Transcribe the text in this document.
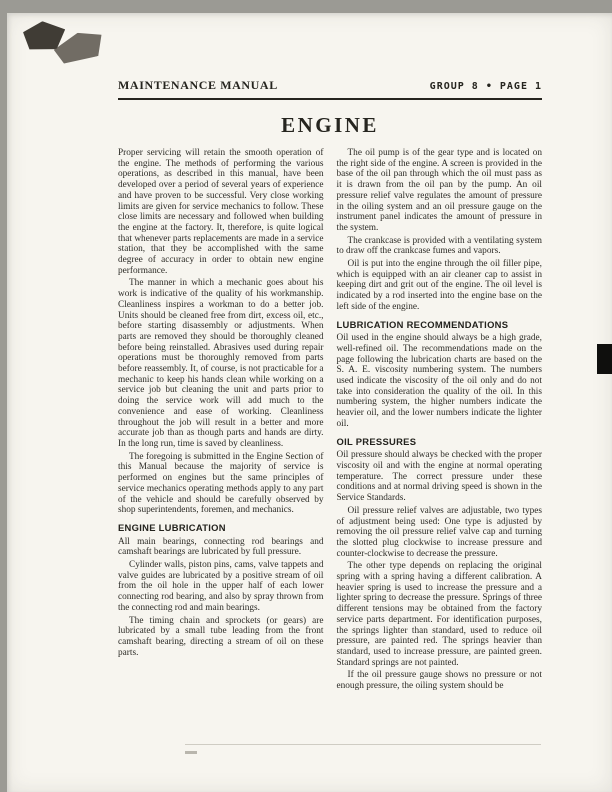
MAINTENANCE MANUAL	GROUP 8 • PAGE 1
ENGINE

Proper servicing will retain the smooth operation of the engine. The methods of performing the various operations, as described in this manual, have been developed over a period of several years of experience and have proven to be successful. Very close working limits are given for service mechanics to follow. These close limits are necessary and followed when building the engine at the factory. It, therefore, is quite logical that whenever parts replacements are made in a service station, that they be accomplished with the same degree of accuracy in order to obtain new engine performance.

The manner in which a mechanic goes about his work is indicative of the quality of his workmanship. Cleanliness inspires a workman to do a better job. Units should be cleaned free from dirt, excess oil, etc., before starting disassembly or adjustments. When parts are removed they should be thoroughly cleaned before being reinstalled. Abrasives used during repair operations must be thoroughly removed from parts before reassembly. It, of course, is not practicable for a mechanic to keep his hands clean while working on a service job but cleaning the unit and parts prior to doing the service work will add much to the convenience and ease of working. Cleanliness throughout the job will result in a better and more accurate job than as though parts and hands are dirty. In the long run, time is saved by cleanliness.

The foregoing is submitted in the Engine Section of this Manual because the majority of service is performed on engines but the same principles of service mechanics operating methods apply to any part of the vehicle and should be carefully observed by shop superintendents, foremen, and mechanics.

ENGINE LUBRICATION

All main bearings, connecting rod bearings and camshaft bearings are lubricated by full pressure.

Cylinder walls, piston pins, cams, valve tappets and valve guides are lubricated by a positive stream of oil from the oil hole in the upper half of each lower connecting rod bearing, and also by spray thrown from the connecting rod and main bearings.

The timing chain and sprockets (or gears) are lubricated by a small tube leading from the front camshaft bearing, directing a stream of oil on these parts.

The oil pump is of the gear type and is located on the right side of the engine. A screen is provided in the base of the oil pan through which the oil must pass as it is drawn from the oil pan by the pump. An oil pressure relief valve regulates the amount of pressure in the oiling system and an oil pressure gauge on the instrument panel indicates the amount of pressure in the system.

The crankcase is provided with a ventilating system to draw off the crankcase fumes and vapors.

Oil is put into the engine through the oil filler pipe, which is equipped with an air cleaner cap to assist in keeping dirt and grit out of the engine. The oil level is indicated by a rod inserted into the engine base on the left side of the engine.

LUBRICATION RECOMMENDATIONS

Oil used in the engine should always be a high grade, well-refined oil. The recommendations made on the page following the lubrication charts are based on the S. A. E. viscosity numbering system. The numbers used indicate the viscosity of the oil only and do not take into consideration the quality of the oil. In this numbering system, the higher numbers indicate the heavier oil, and the lower numbers indicate the lighter oil.

OIL PRESSURES

Oil pressure should always be checked with the proper viscosity oil and with the engine at normal operating temperature. The correct pressure under these conditions and at normal driving speed is shown in the Service Standards.

Oil pressure relief valves are adjustable, two types of adjustment being used: One type is adjusted by removing the oil pressure relief valve cap and turning the slotted plug clockwise to increase pressure and counter-clockwise to decrease the pressure.

The other type depends on replacing the original spring with a spring having a different calibration. A heavier spring is used to increase the pressure and a lighter spring to decrease the pressure. Springs of three different tensions may be obtained from the factory service parts department. For identification purposes, the springs lighter than standard, used to reduce oil pressure, are painted red. The springs heavier than standard, used to increase pressure, are painted green. Standard springs are not painted.

If the oil pressure gauge shows no pressure or not enough pressure, the oiling system should be
